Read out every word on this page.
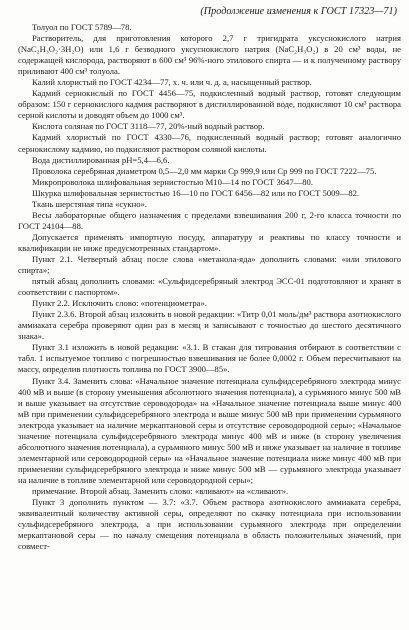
(Продолжение изменения к ГОСТ 17323—71)

Толуол по ГОСТ 5789—78.

Растворитель, для приготовления которого 2,7 г тригидрата уксуснокислого натрия (NaC₂H₃O₂·3H₂O) или 1,6 г безводного уксуснокислого натрия (NaC₂H₃O₂) в 20 см³ воды, не содержащей кислорода, растворяют в 600 см³ 96%-ного этилового спирта — и к полученному раствору приливают 400 см³ толуола.

Калий хлористый по ГОСТ 4234—77, х. ч. или ч. д. а, насыщенный раствор.

Кадмий сернокислый по ГОСТ 4456—75, подкисленный водный раствор, готовят следующим образом: 150 г сернокислого кадмия растворяют в дистиллированной воде, подкисляют 10 см³ раствора серной кислоты и доводят объем до 1000 см³.

Кислота соляная по ГОСТ 3118—77, 20%-ный водный раствор.

Кадмий хлористый по ГОСТ 4330—76, подкисленный водный раствор; готовят аналогично сернокислому кадмию, но подкисляют раствором соляной кислоты.

Вода дистиллированная pH=5,4—6,6.

Проволока серебряная диаметром 0,5—2,0 мм марки Ср 999,9 или Ср 999 по ГОСТ 7222—75.

Микропроволока шлифовальная зернистостью М10—14 по ГОСТ 3647—80.

Шкурка шлифовальная зернистостью 16—10 по ГОСТ 6456—82 или по ГОСТ 5009—82.

Ткань шерстяная типа «сукно».

Весы лабораторные общего назначения с пределами взвешивания 200 г, 2-го класса точности по ГОСТ 24104—88.

Допускается применять импортную посуду, аппаратуру и реактивы по классу точности и квалификации не ниже предусмотренных стандартом».

Пункт 2.1. Четвертый абзац после слова «метанола-яда» дополнить словами: «или этилового спирта»;

пятый абзац дополнить словами: «Сульфидсеребряный электрод ЭСС-01 подготовляют и хранят в соответствии с паспортом».

Пункт 2.2. Исключить слово: «потенциометра».

Пункт 2.3.6. Второй абзац изложить в новой редакции: «Титр 0,01 моль/дм³ раствора азотнокислого аммиаката серебра проверяют один раз в месяц и записывают с точностью до шестого десятичного знака».

Пункт 3.1 изложить в новой редакции: «3.1. В стакан для титрования отбирают в соответствии с табл. 1 испытуемое топливо с погрешностью взвешивания не более 0,0002 г. Объем пересчитывают на массу, определив плотность топлива по ГОСТ 3900—85».

Пункт 3.4. Заменить слова: «Начальное значение потенциала сульфидсеребряного электрода минус 400 мВ и выше (в сторону уменьшения абсолютного значения потенциала), а сурьмяного минус 500 мВ и выше указывает на отсутствие сероводорода» на «Начальное значение потенциала выше минус 400 мВ при применении сульфидсеребряного электрода и выше минус 500 мВ при применении сурьмяного электрода указывает на наличие меркаптановой серы и отсутствие сероводородной серы»; «Начальное значение потенциала сульфидсеребряного электрода минус 400 мВ и ниже (в сторону увеличения абсолютного значения потенциала), а сурьмяного минус 500 мВ и ниже указывает на наличие в топливе элементарной или сероводородной серы» на «Начальное значение потенциала ниже минус 400 мВ при применении сульфидсеребряного электрода и ниже минус 500 мВ — сурьмяного электрода указывает на наличие в топливе элементарной или сероводородной серы»;

примечание. Второй абзац. Заменить слово: «вливают» на «сливают».

Пункт 3 дополнить пунктом — 3.7: «3.7. Объем раствора азотнокислого аммиаката серебра, эквивалентный количеству активной серы, определяют по скачку потенциала при использовании сульфидсеребряного электрода, а при использовании сурьмяного электрода при определении меркаптановой серы — по началу смещения потенциала в область положительных значений, при совмест-
